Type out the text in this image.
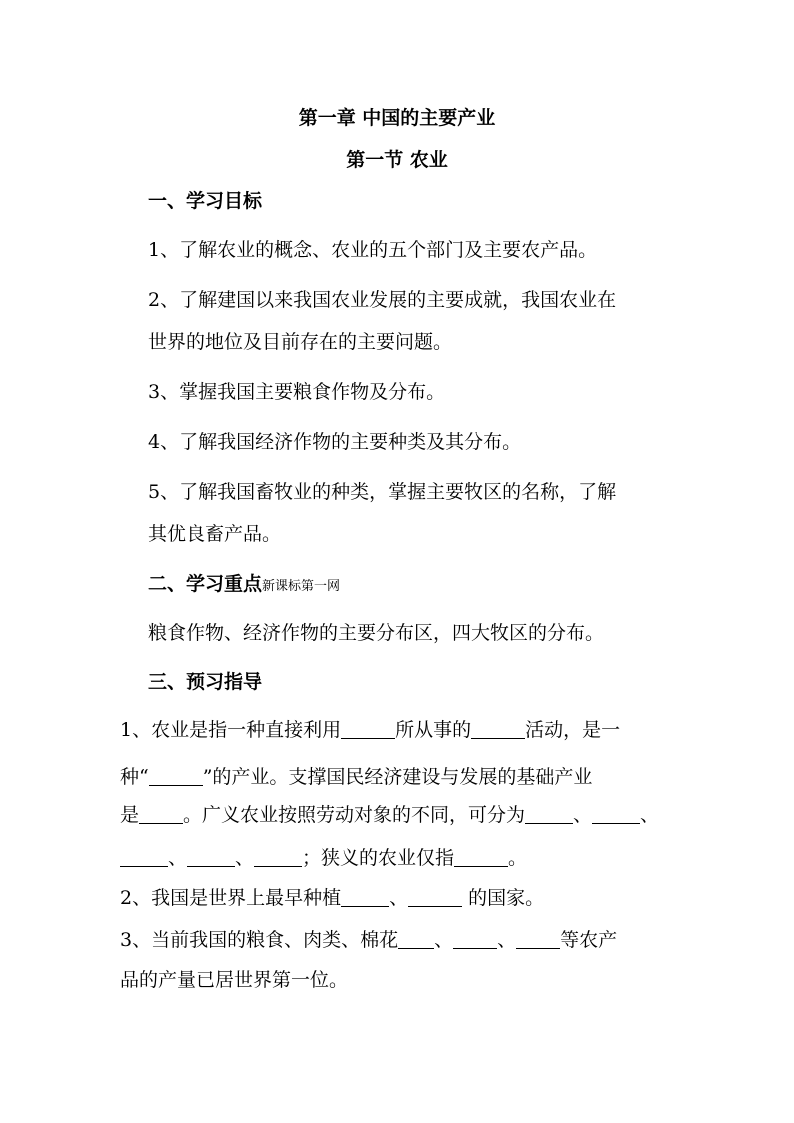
第一章 中国的主要产业
第一节 农业
一、学习目标
1、了解农业的概念、农业的五个部门及主要农产品。
2、了解建国以来我国农业发展的主要成就，我国农业在
世界的地位及目前存在的主要问题。
3、掌握我国主要粮食作物及分布。
4、了解我国经济作物的主要种类及其分布。
5、了解我国畜牧业的种类，掌握主要牧区的名称，了解
其优良畜产品。
二、学习重点新课标第一网
粮食作物、经济作物的主要分布区，四大牧区的分布。
三、预习指导
1、农业是指一种直接利用	所从事的	活动，是一
种“	”的产业。支撑国民经济建设与发展的基础产业
是 。广义农业按照劳动对象的不同，可分为	、	、
、	、	；狭义的农业仅指	。
2、我国是世界上最早种植	、	的国家。
3、当前我国的粮食、肉类、棉花 、 、 等农产
品的产量已居世界第一位。
